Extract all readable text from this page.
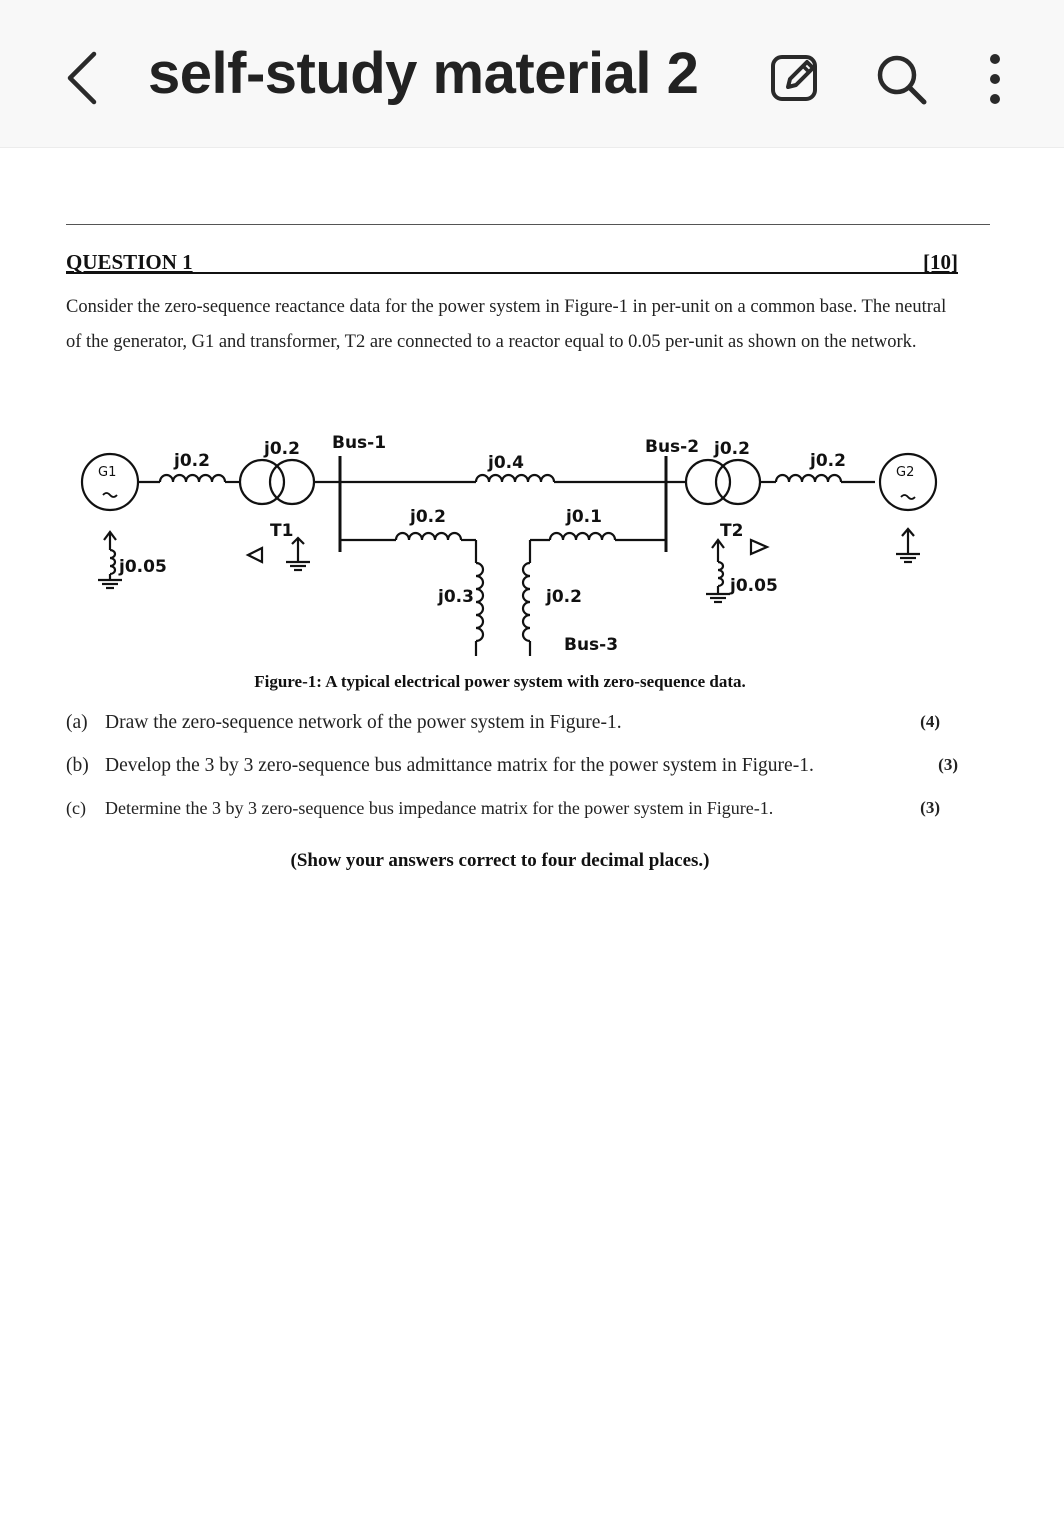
self-study material 2
QUESTION 1	[10]

Consider the zero-sequence reactance data for the power system in Figure-1 in per-unit on a common base. The neutral of the generator, G1 and transformer, T2 are connected to a reactor equal to 0.05 per-unit as shown on the network.

G1	G2
j0.2
j0.2
T1
Bus-1
j0.4
Bus-2 j0.2
T2
j0.2
j0.2	j0.1
j0.3	j0.2
Bus-3
j0.05
j0.05
Figure-1: A typical electrical power system with zero-sequence data.
(a) Draw the zero-sequence network of the power system in Figure-1.	(4)
(b) Develop the 3 by 3 zero-sequence bus admittance matrix for the power system in Figure-1.	(3)
(c) Determine the 3 by 3 zero-sequence bus impedance matrix for the power system in Figure-1.	(3)
(Show your answers correct to four decimal places.)
